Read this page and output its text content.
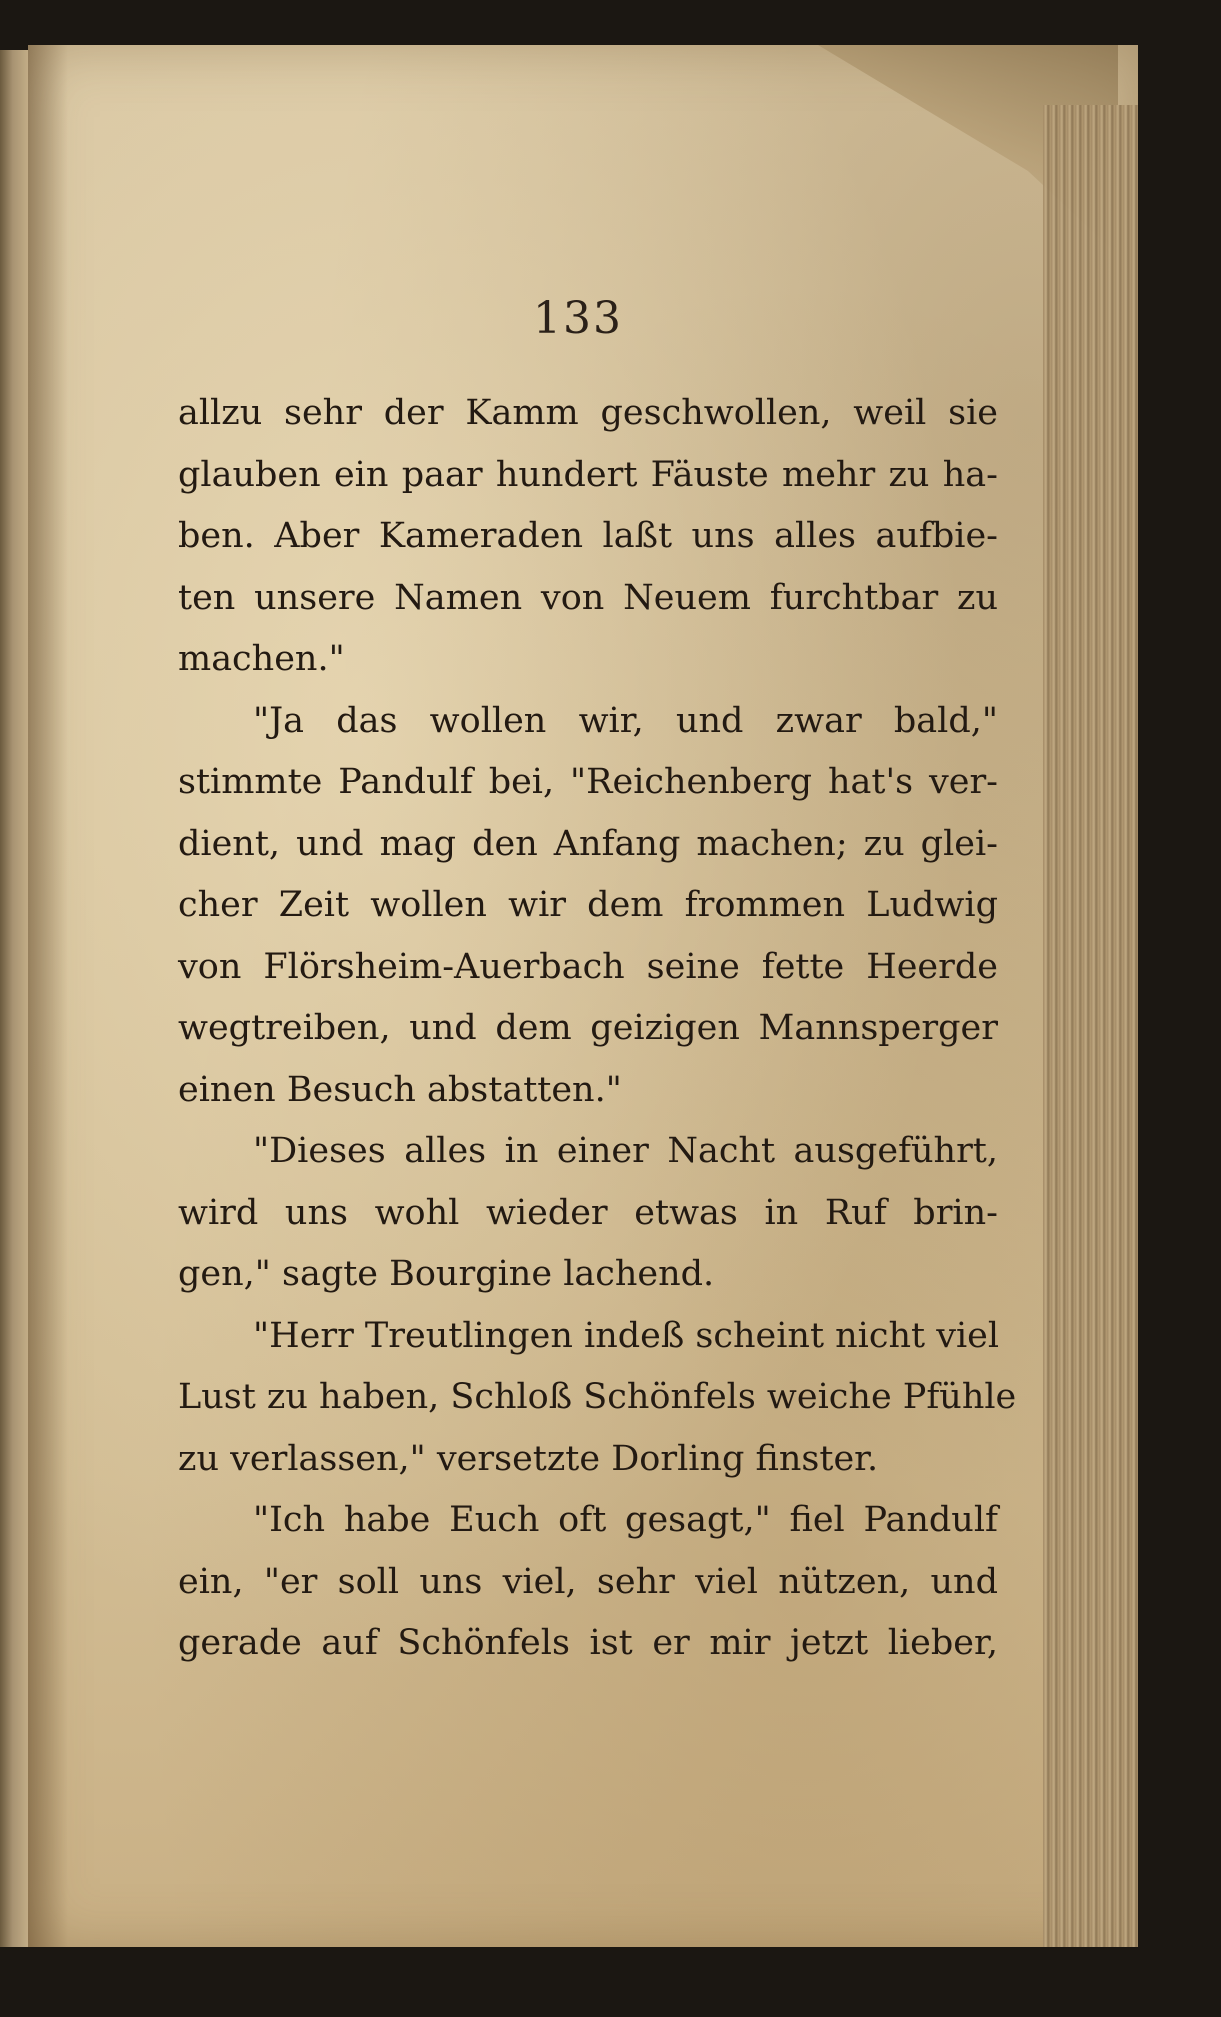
133
allzu sehr der Kamm geschwollen, weil sie
glauben ein paar hundert Fäuste mehr zu ha-
ben. Aber Kameraden laßt uns alles aufbie-
ten unsere Namen von Neuem furchtbar zu
machen."
"Ja das wollen wir, und zwar bald,"
stimmte Pandulf bei, "Reichenberg hat's ver-
dient, und mag den Anfang machen; zu glei-
cher Zeit wollen wir dem frommen Ludwig
von Flörsheim-Auerbach seine fette Heerde
wegtreiben, und dem geizigen Mannsperger
einen Besuch abstatten."
"Dieses alles in einer Nacht ausgeführt,
wird uns wohl wieder etwas in Ruf brin-
gen," sagte Bourgine lachend.
"Herr Treutlingen indeß scheint nicht viel
Lust zu haben, Schloß Schönfels weiche Pfühle
zu verlassen," versetzte Dorling finster.
"Ich habe Euch oft gesagt," fiel Pandulf
ein, "er soll uns viel, sehr viel nützen, und
gerade auf Schönfels ist er mir jetzt lieber,
